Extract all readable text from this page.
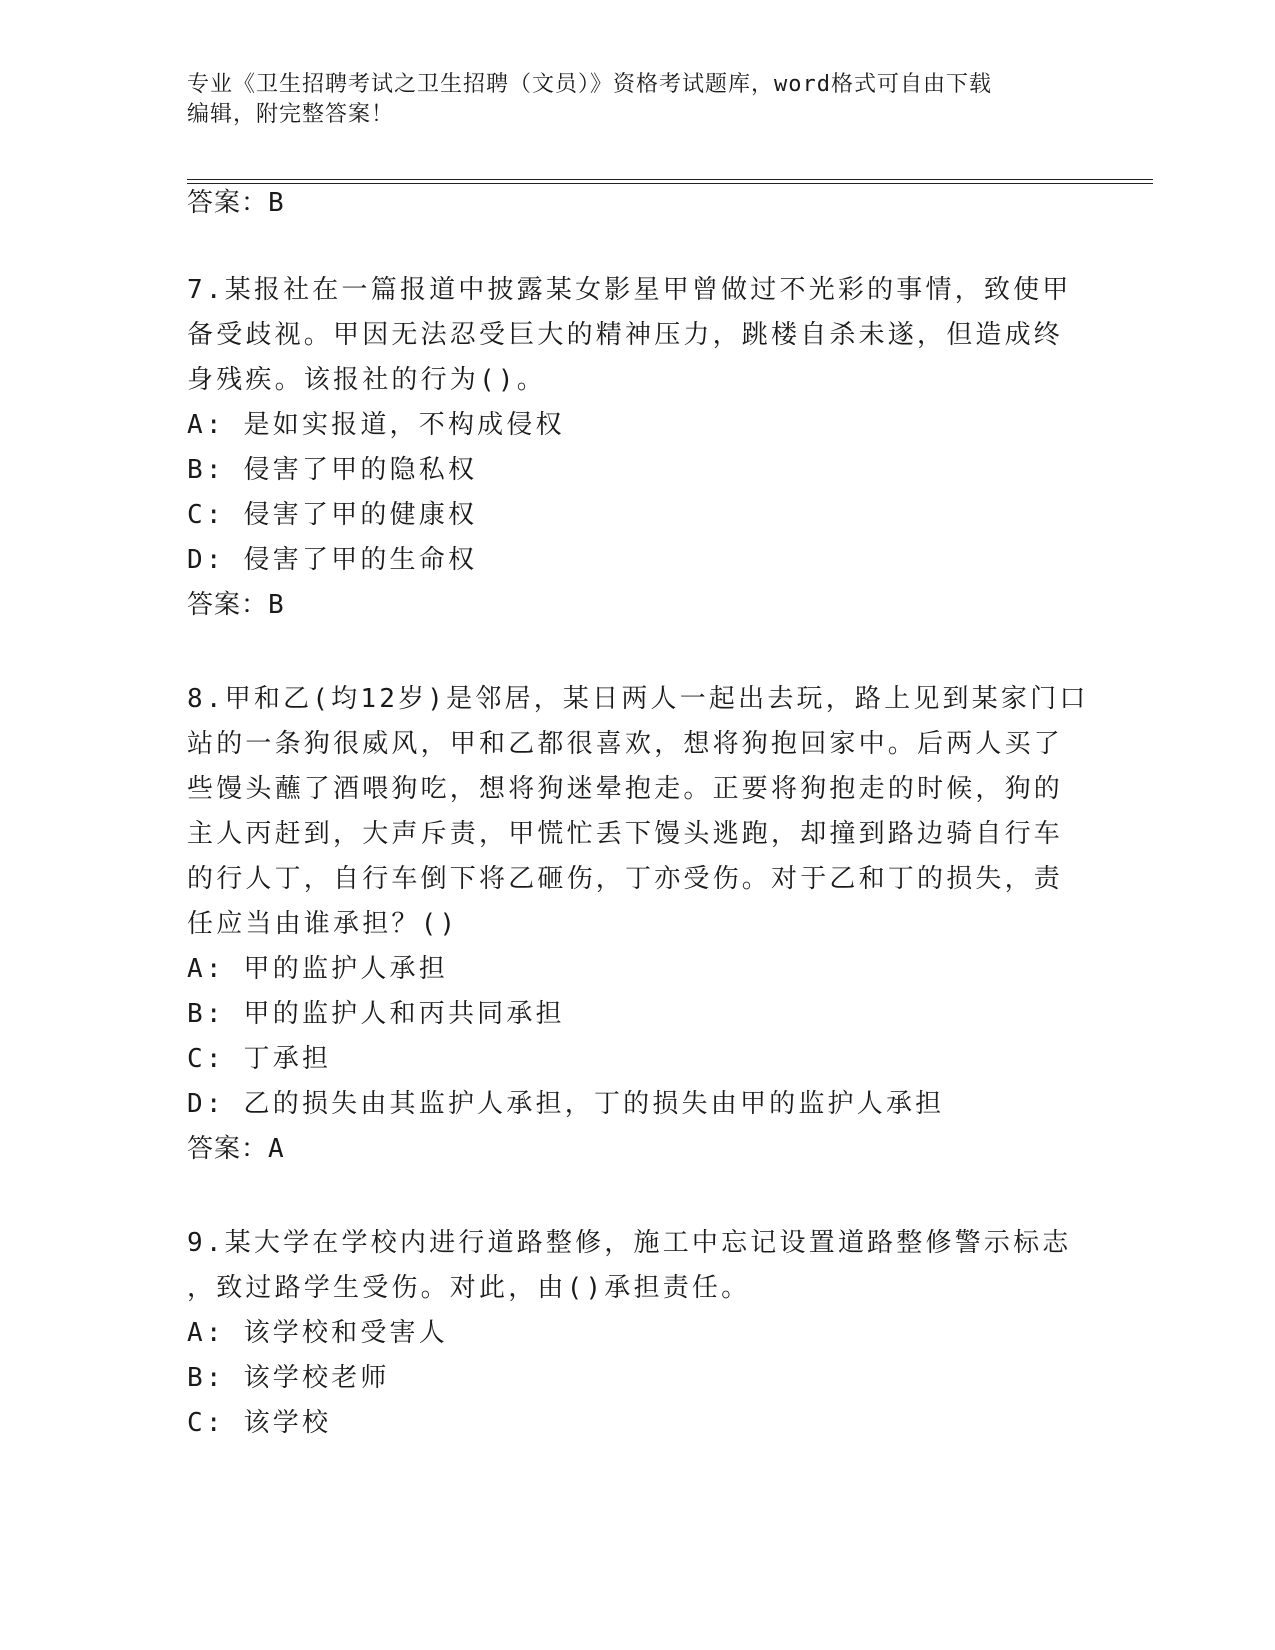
专业《卫生招聘考试之卫生招聘（文员）》资格考试题库，word格式可自由下载
编辑，附完整答案！
答案：B
7.某报社在一篇报道中披露某女影星甲曾做过不光彩的事情，致使甲
备受歧视。甲因无法忍受巨大的精神压力，跳楼自杀未遂，但造成终
身残疾。该报社的行为()。
A: 是如实报道，不构成侵权
B: 侵害了甲的隐私权
C: 侵害了甲的健康权
D: 侵害了甲的生命权
答案：B
8.甲和乙(均12岁)是邻居，某日两人一起出去玩，路上见到某家门口
站的一条狗很威风，甲和乙都很喜欢，想将狗抱回家中。后两人买了
些馒头蘸了酒喂狗吃，想将狗迷晕抱走。正要将狗抱走的时候，狗的
主人丙赶到，大声斥责，甲慌忙丢下馒头逃跑，却撞到路边骑自行车
的行人丁，自行车倒下将乙砸伤，丁亦受伤。对于乙和丁的损失，责
任应当由谁承担？()
A: 甲的监护人承担
B: 甲的监护人和丙共同承担
C: 丁承担
D: 乙的损失由其监护人承担，丁的损失由甲的监护人承担
答案：A
9.某大学在学校内进行道路整修，施工中忘记设置道路整修警示标志
，致过路学生受伤。对此，由()承担责任。
A: 该学校和受害人
B: 该学校老师
C: 该学校
